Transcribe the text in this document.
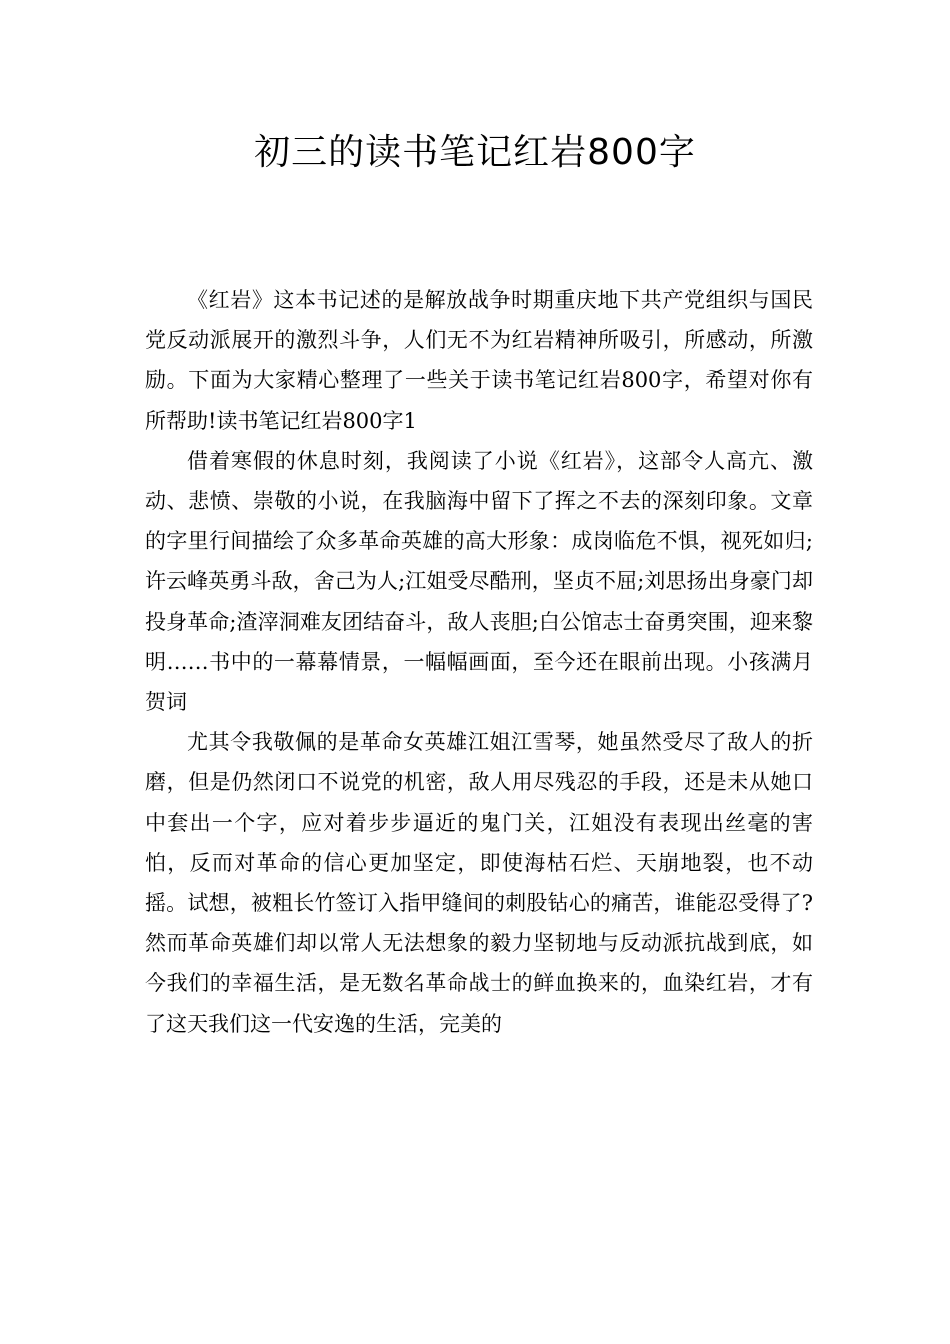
初三的读书笔记红岩800字

《红岩》这本书记述的是解放战争时期重庆地下共产党组织与国民党反动派展开的激烈斗争，人们无不为红岩精神所吸引，所感动，所激励。下面为大家精心整理了一些关于读书笔记红岩800字，希望对你有所帮助!读书笔记红岩800字1

借着寒假的休息时刻，我阅读了小说《红岩》，这部令人高亢、激动、悲愤、崇敬的小说，在我脑海中留下了挥之不去的深刻印象。文章的字里行间描绘了众多革命英雄的高大形象：成岗临危不惧，视死如归;许云峰英勇斗敌，舍己为人;江姐受尽酷刑，坚贞不屈;刘思扬出身豪门却投身革命;渣滓洞难友团结奋斗，敌人丧胆;白公馆志士奋勇突围，迎来黎明……书中的一幕幕情景，一幅幅画面，至今还在眼前出现。小孩满月贺词

尤其令我敬佩的是革命女英雄江姐江雪琴，她虽然受尽了敌人的折磨，但是仍然闭口不说党的机密，敌人用尽残忍的手段，还是未从她口中套出一个字，应对着步步逼近的鬼门关，江姐没有表现出丝毫的害怕，反而对革命的信心更加坚定，即使海枯石烂、天崩地裂，也不动摇。试想，被粗长竹签订入指甲缝间的刺股钻心的痛苦，谁能忍受得了?然而革命英雄们却以常人无法想象的毅力坚韧地与反动派抗战到底，如今我们的幸福生活，是无数名革命战士的鲜血换来的，血染红岩，才有了这天我们这一代安逸的生活，完美的
